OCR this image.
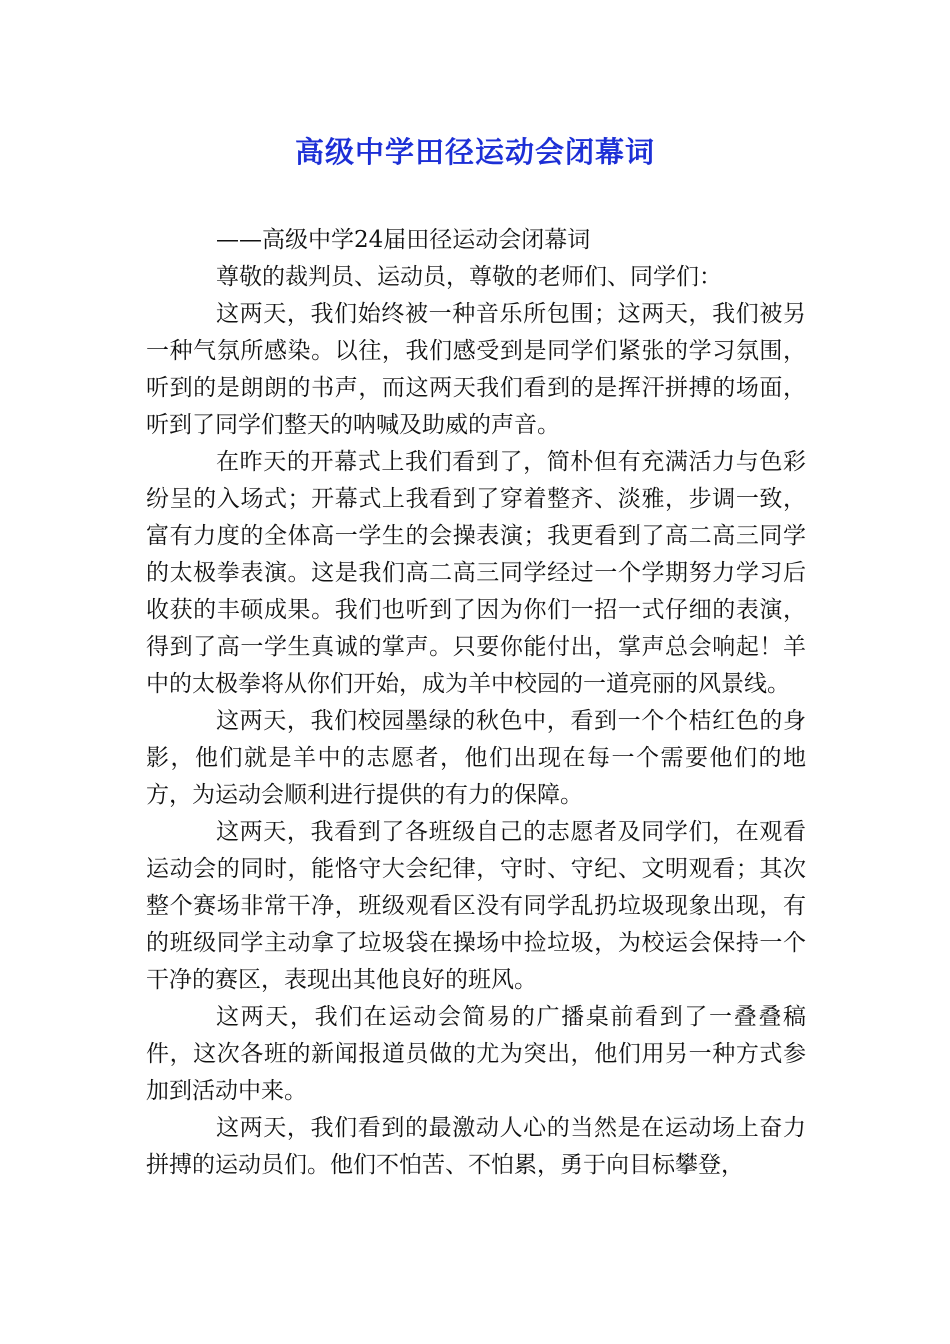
高级中学田径运动会闭幕词

——高级中学24届田径运动会闭幕词

尊敬的裁判员、运动员，尊敬的老师们、同学们：

这两天，我们始终被一种音乐所包围；这两天，我们被另一种气氛所感染。以往，我们感受到是同学们紧张的学习氛围，听到的是朗朗的书声，而这两天我们看到的是挥汗拼搏的场面，听到了同学们整天的呐喊及助威的声音。

在昨天的开幕式上我们看到了，简朴但有充满活力与色彩纷呈的入场式；开幕式上我看到了穿着整齐、淡雅，步调一致，富有力度的全体高一学生的会操表演；我更看到了高二高三同学的太极拳表演。这是我们高二高三同学经过一个学期努力学习后收获的丰硕成果。我们也听到了因为你们一招一式仔细的表演，得到了高一学生真诚的掌声。只要你能付出，掌声总会响起！羊中的太极拳将从你们开始，成为羊中校园的一道亮丽的风景线。

这两天，我们校园墨绿的秋色中，看到一个个桔红色的身影，他们就是羊中的志愿者，他们出现在每一个需要他们的地方，为运动会顺利进行提供的有力的保障。

这两天，我看到了各班级自己的志愿者及同学们，在观看运动会的同时，能恪守大会纪律，守时、守纪、文明观看；其次整个赛场非常干净，班级观看区没有同学乱扔垃圾现象出现，有的班级同学主动拿了垃圾袋在操场中捡垃圾，为校运会保持一个干净的赛区，表现出其他良好的班风。

这两天，我们在运动会简易的广播桌前看到了一叠叠稿件，这次各班的新闻报道员做的尤为突出，他们用另一种方式参加到活动中来。

这两天，我们看到的最激动人心的当然是在运动场上奋力拼搏的运动员们。他们不怕苦、不怕累，勇于向目标攀登，
